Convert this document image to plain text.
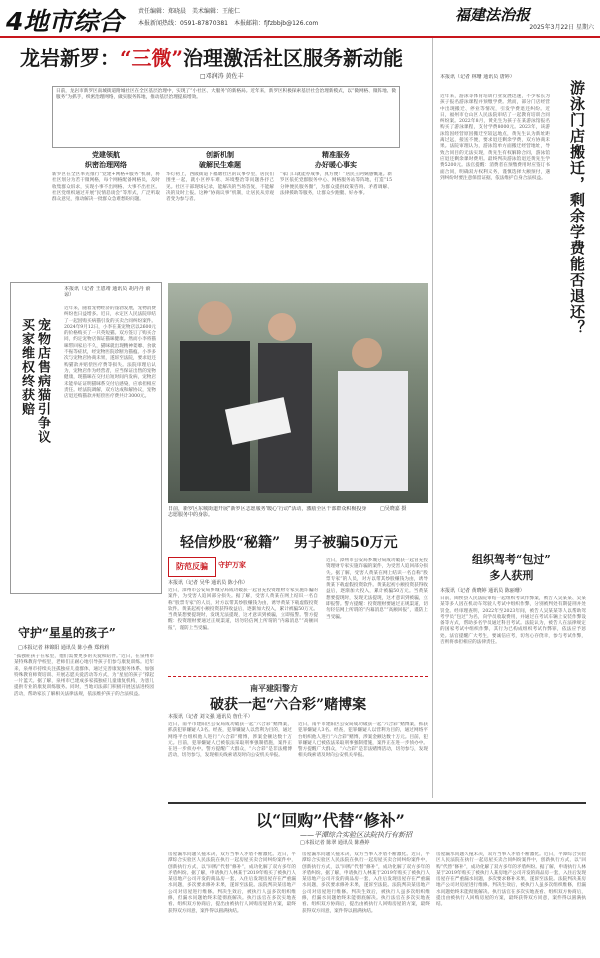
4地市综合 责任编辑：郑晓晨　美术编辑：王能仁
本报新闻热线：0591-87870381　本报邮箱：fjfzbbjb@126.com	福建法治报
2025年3月22日 星期六
龙岩新罗：“三微”治理激活社区服务新动能
□邓润涛 黄佐丰
日前，龙岩市新罗区南城街道附城社区在全区基层治理中，实现了“小社区、大服务”的新格局。近年来，新罗区积极探索基层社会治理新模式，以“微网格、微阵地、微服务”为抓手，织密治理网络，做实服务阵地，推动基层治理提质增效。
党建领航
织密治理网络
新罗区在全区率先推行“党建+网格+服务”机制，将社区划分为若干微网格，每个网格配备网格员，及时收集群众诉求，实现小事不出网格、大事不出社区。社区党组织通过开展“民情恳谈会”等形式，广泛听取群众意见，推动解决一批群众急难愁盼问题。
创新机制
破解民生难题
华灯初上，西陂街道下福塘社区的议事亭里，居民们围坐一起，就小区停车难、环境整治等问题各抒己见。社区干部现场记录，能解决的当场答复，不能解决的及时上报。这种“协商议事”机制，让居民从旁观者变为参与者。
精准服务
办好暖心事实
“家门口就能办成事，真方便！”居民王阿姨感慨道。新罗区依托党群服务中心、网格服务站等阵地，打造“15分钟便民服务圈”，为群众提供政策咨询、矛盾调解、法律援助等服务，让群众少跑腿、好办事。
日前，新罗区东城街道开展“新罗区志愿服务‘暖心’行动”活动，激励全区干部群众积极投身志愿服务中的身影。
□吴晓嘉 摄
宠物店售病猫引争议
买家维权终获赔
本报讯（记者 王恩靖 通讯员 胡丹丹 俞谅）
近年来，随着宠物经济的蓬勃发展，宠物消费纠纷也日益增多。近日，永定区人民法院审结了一起因购买病猫引发的买卖合同纠纷案件。2024年9月12日，小李在某宠物店以2600元的价格购买了一只英短猫。双方签订了购买合同，约定宠物店保证猫咪健康。然而小李将猫咪带回家后不久，猫咪就出现精神萎靡、食欲不振等症状，经宠物医院诊断为猫瘟。小李多次与宠物店协商未果，遂诉至法院，要求退还购猫款并赔偿医疗费等损失。法院审理后认为，宠物店作为经营者，应当保证出售的宠物健康，现猫咪在交付后短时间内发病，宠物店未能举证证明猫咪系交付后感染，应承担相应责任。经法院调解，双方达成和解协议，宠物店退还购猫款并赔偿医疗费共计3000元。
守护“星星的孩子”
□本报记者 林锦阳 通讯员 陈小燕 郑莉莉
“孤独症孩子在家里，他们需要更多的关爱和陪伴。”近日，在泉州市某特殊教育学校里，老师们正耐心地引导孩子们参与康复训练。近年来，泉州市持续关注孤独症儿童群体，通过完善康复服务体系、加强特殊教育师资培训、开展志愿关爱活动等方式，为“星星的孩子”撑起一片蓝天。据了解，泉州市已建成多家孤独症儿童康复机构，为患儿提供专业的康复训练服务。同时，当地司法部门积极开展送法进校园活动，帮助家长了解相关法律法规，依法维护孩子的合法权益。
轻信炒股“秘籍”　男子被骗50万元
防范反骗	守护万家
本报讯（记者 吴华 通讯员 陈小伟）
近日，漳州市公安局芗城分局成功破获一起冒充投资理财专家实施诈骗的案件，为受害人追回部分损失。据了解，受害人黄某在网上结识一名自称“股票专家”的人员，对方以带其炒股赚钱为由，诱导黄某下载虚假投资软件。黄某起初小额投资获得收益后，逐渐加大投入，累计被骗50万元。当黄某想要提现时，发现无法提现，这才意识到被骗，立即报警。警方提醒：投资理财要通过正规渠道，切勿轻信网上所谓的“内幕消息”“高额回报”，谨防上当受骗。
近日，漳州市公安局芗城分局成功破获一起冒充投资理财专家实施诈骗的案件，为受害人追回部分损失。据了解，受害人黄某在网上结识一名自称“股票专家”的人员，对方以带其炒股赚钱为由，诱导黄某下载虚假投资软件。黄某起初小额投资获得收益后，逐渐加大投入，累计被骗50万元。当黄某想要提现时，发现无法提现，这才意识到被骗，立即报警。警方提醒：投资理财要通过正规渠道，切勿轻信网上所谓的“内幕消息”“高额回报”，谨防上当受骗。
南平建阳警方
破获一起“六合彩”赌博案
本报讯（记者 刘文强 通讯员 詹仕平）
近日，南平市建阳区公安局成功破获一起“六合彩”赌博案，抓获犯罪嫌疑人3名。经查，犯罪嫌疑人以营利为目的，通过网络平台组织他人进行“六合彩”赌博，涉案金额达数十万元。目前，犯罪嫌疑人已被依法采取刑事强制措施，案件正在进一步侦办中。警方提醒广大群众，“六合彩”是非法赌博活动，切勿参与，发现相关线索请及时向公安机关举报。
近日，南平市建阳区公安局成功破获一起“六合彩”赌博案，抓获犯罪嫌疑人3名。经查，犯罪嫌疑人以营利为目的，通过网络平台组织他人进行“六合彩”赌博，涉案金额达数十万元。目前，犯罪嫌疑人已被依法采取刑事强制措施，案件正在进一步侦办中。警方提醒广大群众，“六合彩”是非法赌博活动，切勿参与，发现相关线索请及时向公安机关举报。
以“回购”代替“修补”
——平潭综合实验区法院执行有新招
□本报记者 陈翠 通讯员 陈燕婷
房屋漏水问题久拖未决，双方当事人矛盾不断激化。近日，平潭综合实验区人民法院在执行一起房屋买卖合同纠纷案件中，创新执行方式，以“回购”代替“修补”，成功化解了双方多年的矛盾纠纷。据了解，申请执行人林某于2019年购买了被执行人某房地产公司开发的商品房一套，入住后发现房屋存在严重漏水问题，多次要求修补未果，遂诉至法院。法院判决某房地产公司对房屋进行维修。判决生效后，被执行人虽多次组织维修，但漏水问题始终未能彻底解决。执行法官在多次实地查看、组织双方协商后，提出由被执行人回购房屋的方案，最终获得双方同意，案件得以圆满执结。
房屋漏水问题久拖未决，双方当事人矛盾不断激化。近日，平潭综合实验区人民法院在执行一起房屋买卖合同纠纷案件中，创新执行方式，以“回购”代替“修补”，成功化解了双方多年的矛盾纠纷。据了解，申请执行人林某于2019年购买了被执行人某房地产公司开发的商品房一套，入住后发现房屋存在严重漏水问题，多次要求修补未果，遂诉至法院。法院判决某房地产公司对房屋进行维修。判决生效后，被执行人虽多次组织维修，但漏水问题始终未能彻底解决。执行法官在多次实地查看、组织双方协商后，提出由被执行人回购房屋的方案，最终获得双方同意，案件得以圆满执结。
房屋漏水问题久拖未决，双方当事人矛盾不断激化。近日，平潭综合实验区人民法院在执行一起房屋买卖合同纠纷案件中，创新执行方式，以“回购”代替“修补”，成功化解了双方多年的矛盾纠纷。据了解，申请执行人林某于2019年购买了被执行人某房地产公司开发的商品房一套，入住后发现房屋存在严重漏水问题，多次要求修补未果，遂诉至法院。法院判决某房地产公司对房屋进行维修。判决生效后，被执行人虽多次组织维修，但漏水问题始终未能彻底解决。执行法官在多次实地查看、组织双方协商后，提出由被执行人回购房屋的方案，最终获得双方同意，案件得以圆满执结。
本报讯（记者 林珊 通讯员 唐婷）
游泳门店搬迁，剩余学费能否退还？
近年来，游泳等体育培训行业发展迅速，不少家长为孩子报名游泳课程并预缴学费。然而，部分门店经营中出现搬迁、停业等情况，引发学费退还纠纷。近日，福州市仓山区人民法院审结了一起教育培训合同纠纷案。2022年8月，黄先生为孩子在某游泳馆报名购买了游泳课程，支付学费8000元。2023年，该游泳馆因经营原因搬迁至较远地点，黄先生认为新址距离过远，接送不便，要求退还剩余学费，双方协商未果。法院审理认为，游泳馆单方面搬迁经营地址，导致合同目的无法实现，黄先生有权解除合同，游泳馆应退还剩余课时费用。最终判决游泳馆退还黄先生学费5200元。法官提醒：消费者在预缴费用时应签订书面合同，明确双方权利义务，谨慎选择大额预付，遇到纠纷时要注意保留证据，依法维护自身合法权益。
组织驾考“包过”
多人获刑
本报讯（记者 黄晓婷 通讯员 陈丽珊）
日前，闽侯县人民法院审结一起组织考试作弊案，被告人吴某某、吴某某等多人因在机动车驾驶人考试中组织作弊，分别被判处有期徒刑并处罚金。经审理查明，2022年至2023年间，被告人吴某某等人以帮助驾考学员“包过”为名，向学员收取费用，并通过在考试车辆上安装作弊设备等方式，帮助多名学员通过科目考试。法院认为，被告人在法律规定的国家考试中组织作弊，其行为已构成组织考试作弊罪，依法应予惩处。法官提醒广大考生，要诚信应考，切勿心存侥幸，参与考试作弊，否则将承担相应的法律责任。
